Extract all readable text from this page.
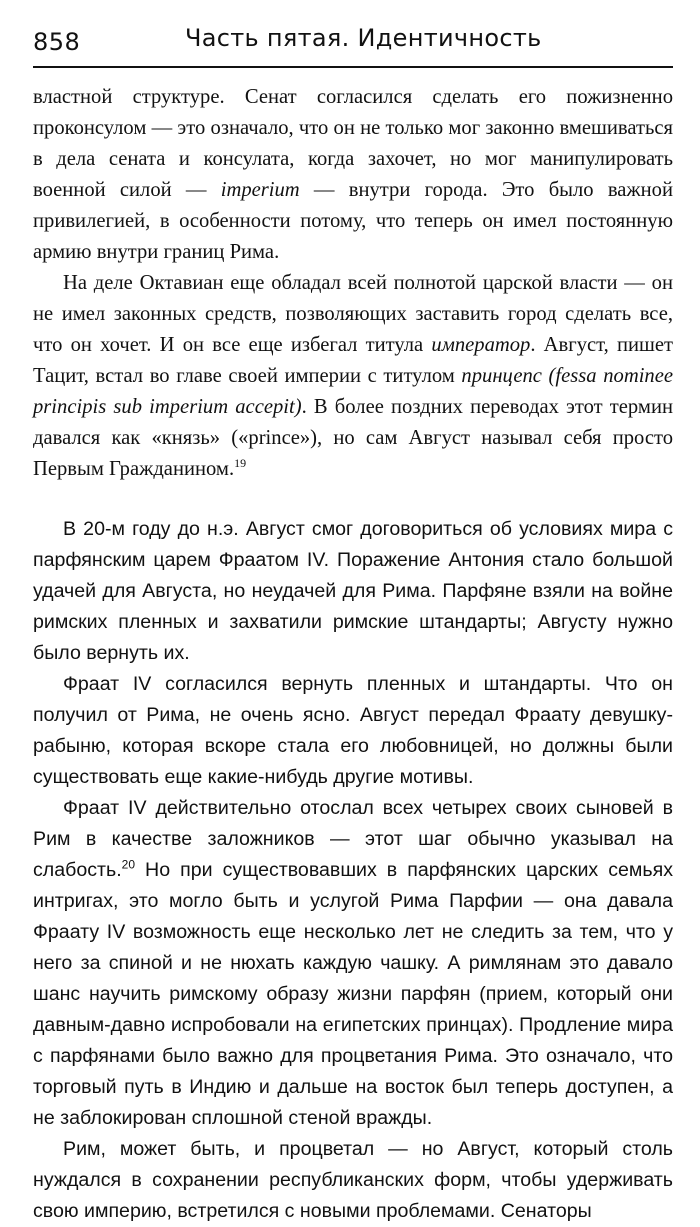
858	Часть пятая. Идентичность

властной структуре. Сенат согласился сделать его пожизненно проконсулом — это означало, что он не только мог законно вмешиваться в дела сената и консулата, когда захочет, но мог манипулировать военной силой — imperium — внутри города. Это было важной привилегией, в особенности потому, что теперь он имел постоянную армию внутри границ Рима.

На деле Октавиан еще обладал всей полнотой царской власти — он не имел законных средств, позволяющих заставить город сделать все, что он хочет. И он все еще избегал титула император. Август, пишет Тацит, встал во главе своей империи с титулом принцепс (fessa nominee principis sub imperium accepit). В более поздних переводах этот термин давался как «князь» («prince»), но сам Август называл себя просто Первым Гражданином.$^{19}$

В 20-м году до н.э. Август смог договориться об условиях мира с парфянским царем Фраатом IV. Поражение Антония стало большой удачей для Августа, но неудачей для Рима. Парфяне взяли на войне римских пленных и захватили римские штандарты; Августу нужно было вернуть их.

Фраат IV согласился вернуть пленных и штандарты. Что он получил от Рима, не очень ясно. Август передал Фраату девушку-рабыню, которая вскоре стала его любовницей, но должны были существовать еще какие-нибудь другие мотивы.

Фраат IV действительно отослал всех четырех своих сыновей в Рим в качестве заложников — этот шаг обычно указывал на слабость.$^{20}$ Но при существовавших в парфянских царских семьях интригах, это могло быть и услугой Рима Парфии — она давала Фраату IV возможность еще несколько лет не следить за тем, что у него за спиной и не нюхать каждую чашку. А римлянам это давало шанс научить римскому образу жизни парфян (прием, который они давным-давно испробовали на египетских принцах). Продление мира с парфянами было важно для процветания Рима. Это означало, что торговый путь в Индию и дальше на восток был теперь доступен, а не заблокирован сплошной стеной вражды.

Рим, может быть, и процветал — но Август, который столь нуждался в сохранении республиканских форм, чтобы удерживать свою империю, встретился с новыми проблемами. Сенаторы
